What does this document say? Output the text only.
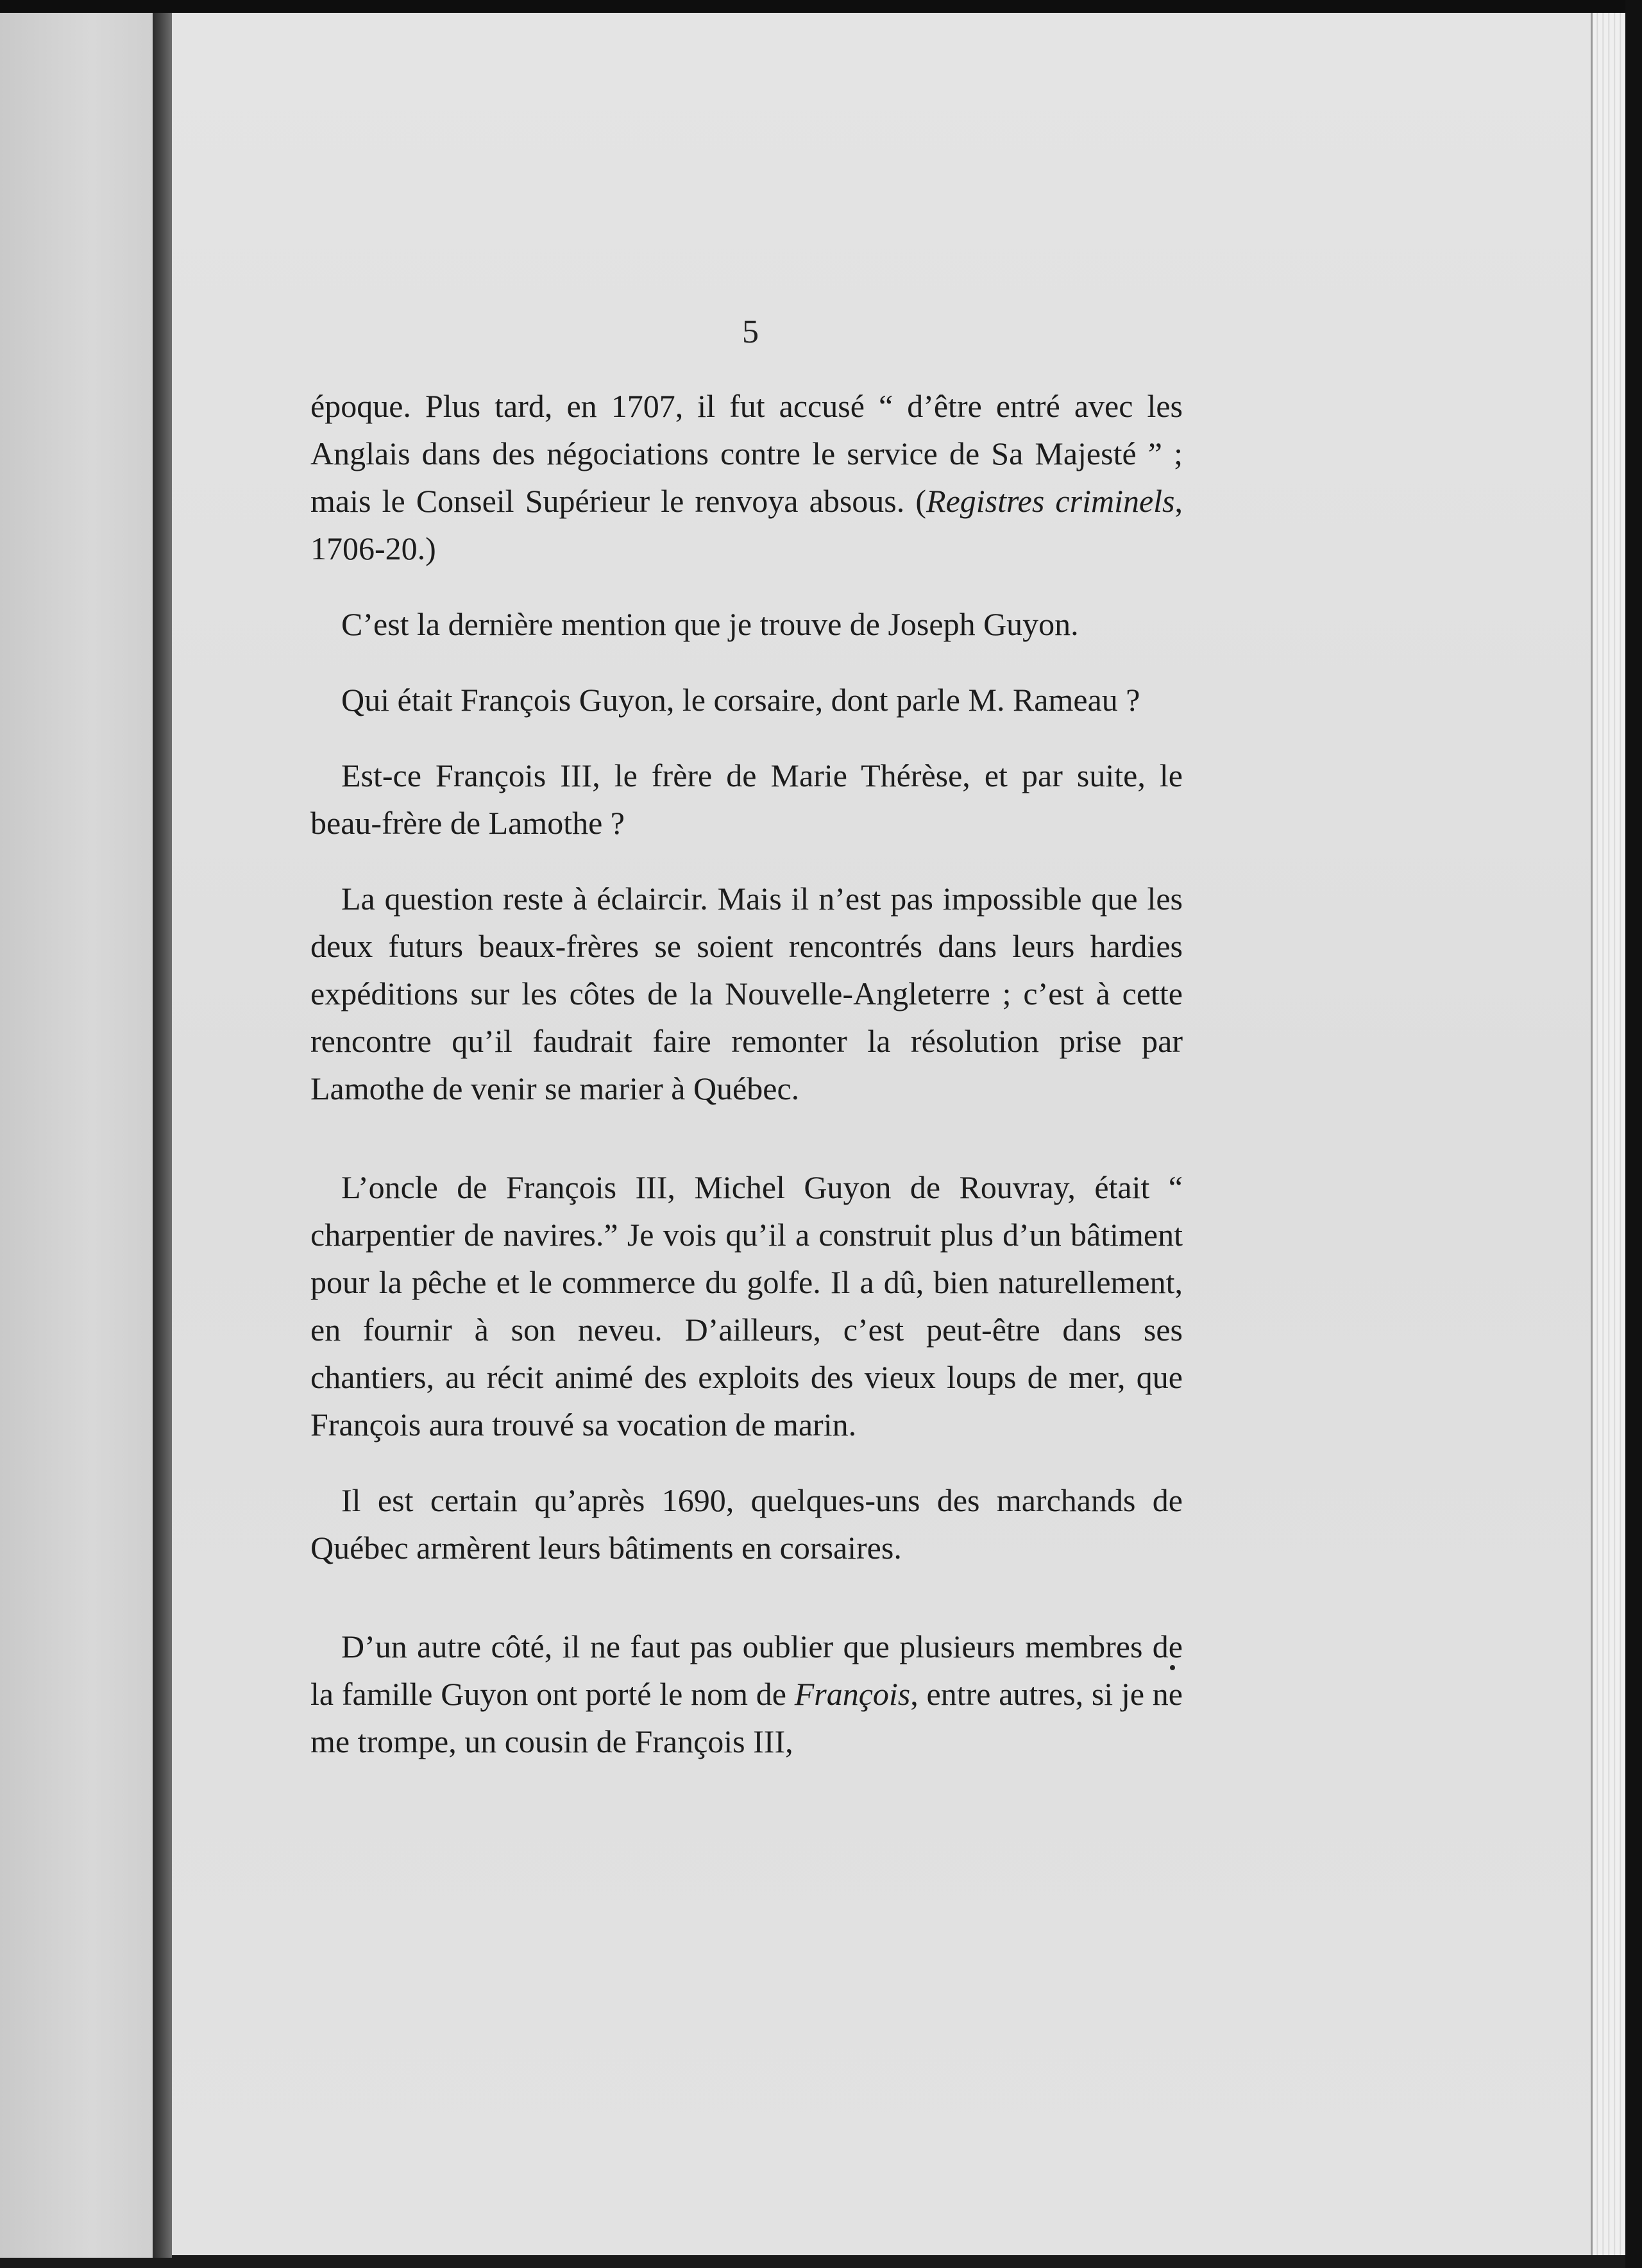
5

époque. Plus tard, en 1707, il fut accusé “ d’être entré avec les Anglais dans des négociations contre le service de Sa Majesté ” ; mais le Conseil Supérieur le renvoya absous. (Registres criminels, 1706-20.)

C’est la dernière mention que je trouve de Joseph Guyon.

Qui était François Guyon, le corsaire, dont parle M. Rameau ?

Est-ce François III, le frère de Marie Thérèse, et par suite, le beau-frère de Lamothe ?

La question reste à éclaircir. Mais il n’est pas impossible que les deux futurs beaux-frères se soient rencontrés dans leurs hardies expéditions sur les côtes de la Nouvelle-Angleterre ; c’est à cette rencontre qu’il faudrait faire remonter la résolution prise par Lamothe de venir se marier à Québec.

L’oncle de François III, Michel Guyon de Rouvray, était “ charpentier de navires.” Je vois qu’il a construit plus d’un bâtiment pour la pêche et le commerce du golfe. Il a dû, bien naturellement, en fournir à son neveu. D’ailleurs, c’est peut-être dans ses chantiers, au récit animé des exploits des vieux loups de mer, que François aura trouvé sa vocation de marin.

Il est certain qu’après 1690, quelques-uns des marchands de Québec armèrent leurs bâtiments en corsaires.

D’un autre côté, il ne faut pas oublier que plusieurs membres de la famille Guyon ont porté le nom de François, entre autres, si je ne me trompe, un cousin de François III,
